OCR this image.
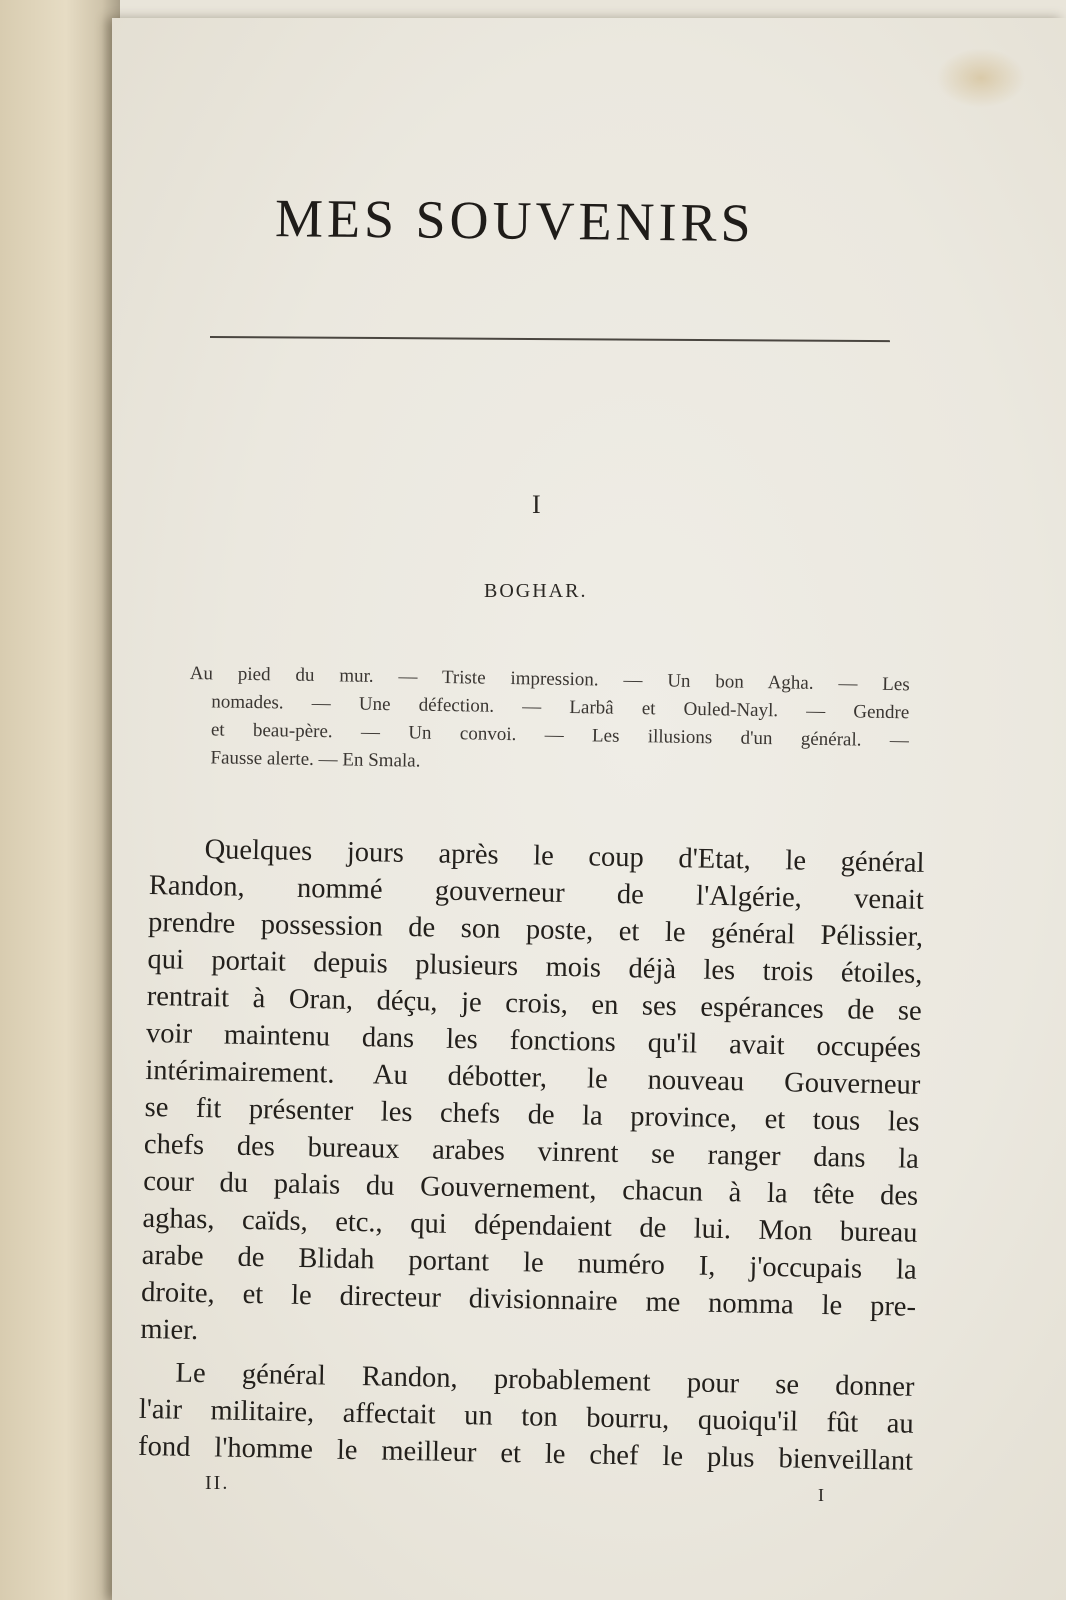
MES SOUVENIRS
I
BOGHAR.
Au pied du mur. — Triste impression. — Un bon Agha. — Les
nomades. — Une défection. — Larbâ et Ouled-Nayl. — Gendre
et beau-père. — Un convoi. — Les illusions d'un général. —
Fausse alerte. — En Smala.
Quelques jours après le coup d'Etat, le général
Randon, nommé gouverneur de l'Algérie, venait
prendre possession de son poste, et le général Pélissier,
qui portait depuis plusieurs mois déjà les trois étoiles,
rentrait à Oran, déçu, je crois, en ses espérances de se
voir maintenu dans les fonctions qu'il avait occupées
intérimairement. Au débotter, le nouveau Gouverneur
se fit présenter les chefs de la province, et tous les
chefs des bureaux arabes vinrent se ranger dans la
cour du palais du Gouvernement, chacun à la tête des
aghas, caïds, etc., qui dépendaient de lui. Mon bureau
arabe de Blidah portant le numéro I, j'occupais la
droite, et le directeur divisionnaire me nomma le pre-
mier.
Le général Randon, probablement pour se donner
l'air militaire, affectait un ton bourru, quoiqu'il fût au
fond l'homme le meilleur et le chef le plus bienveillant
II.
I
